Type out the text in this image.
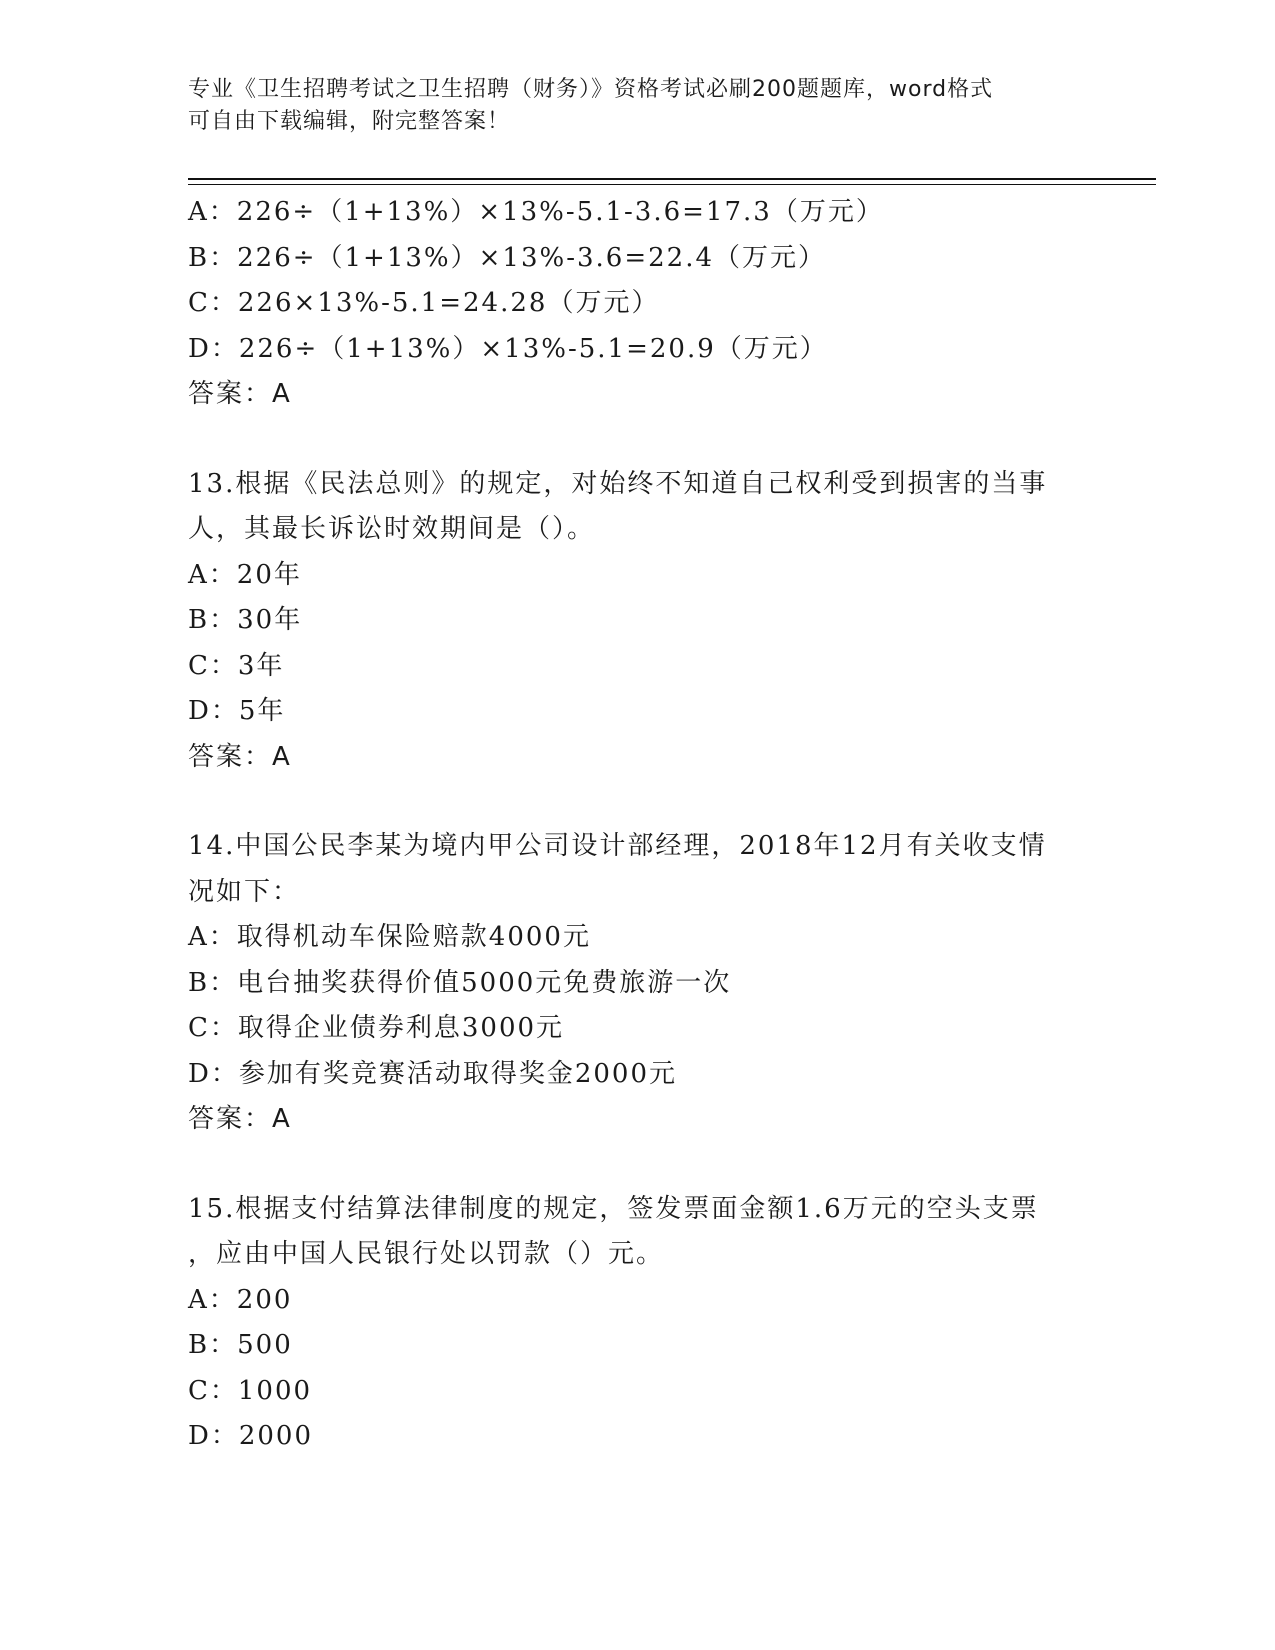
专业《卫生招聘考试之卫生招聘（财务）》资格考试必刷200题题库，word格式
可自由下载编辑，附完整答案！
A：226÷（1+13%）×13%-5.1-3.6=17.3（万元）
B：226÷（1+13%）×13%-3.6=22.4（万元）
C：226×13%-5.1=24.28（万元）
D：226÷（1+13%）×13%-5.1=20.9（万元）
答案：A
13.根据《民法总则》的规定，对始终不知道自己权利受到损害的当事
人，其最长诉讼时效期间是（）。
A：20年
B：30年
C：3年
D：5年
答案：A
14.中国公民李某为境内甲公司设计部经理，2018年12月有关收支情
况如下：
A：取得机动车保险赔款4000元
B：电台抽奖获得价值5000元免费旅游一次
C：取得企业债券利息3000元
D：参加有奖竞赛活动取得奖金2000元
答案：A
15.根据支付结算法律制度的规定，签发票面金额1.6万元的空头支票
，应由中国人民银行处以罚款（）元。
A：200
B：500
C：1000
D：2000
